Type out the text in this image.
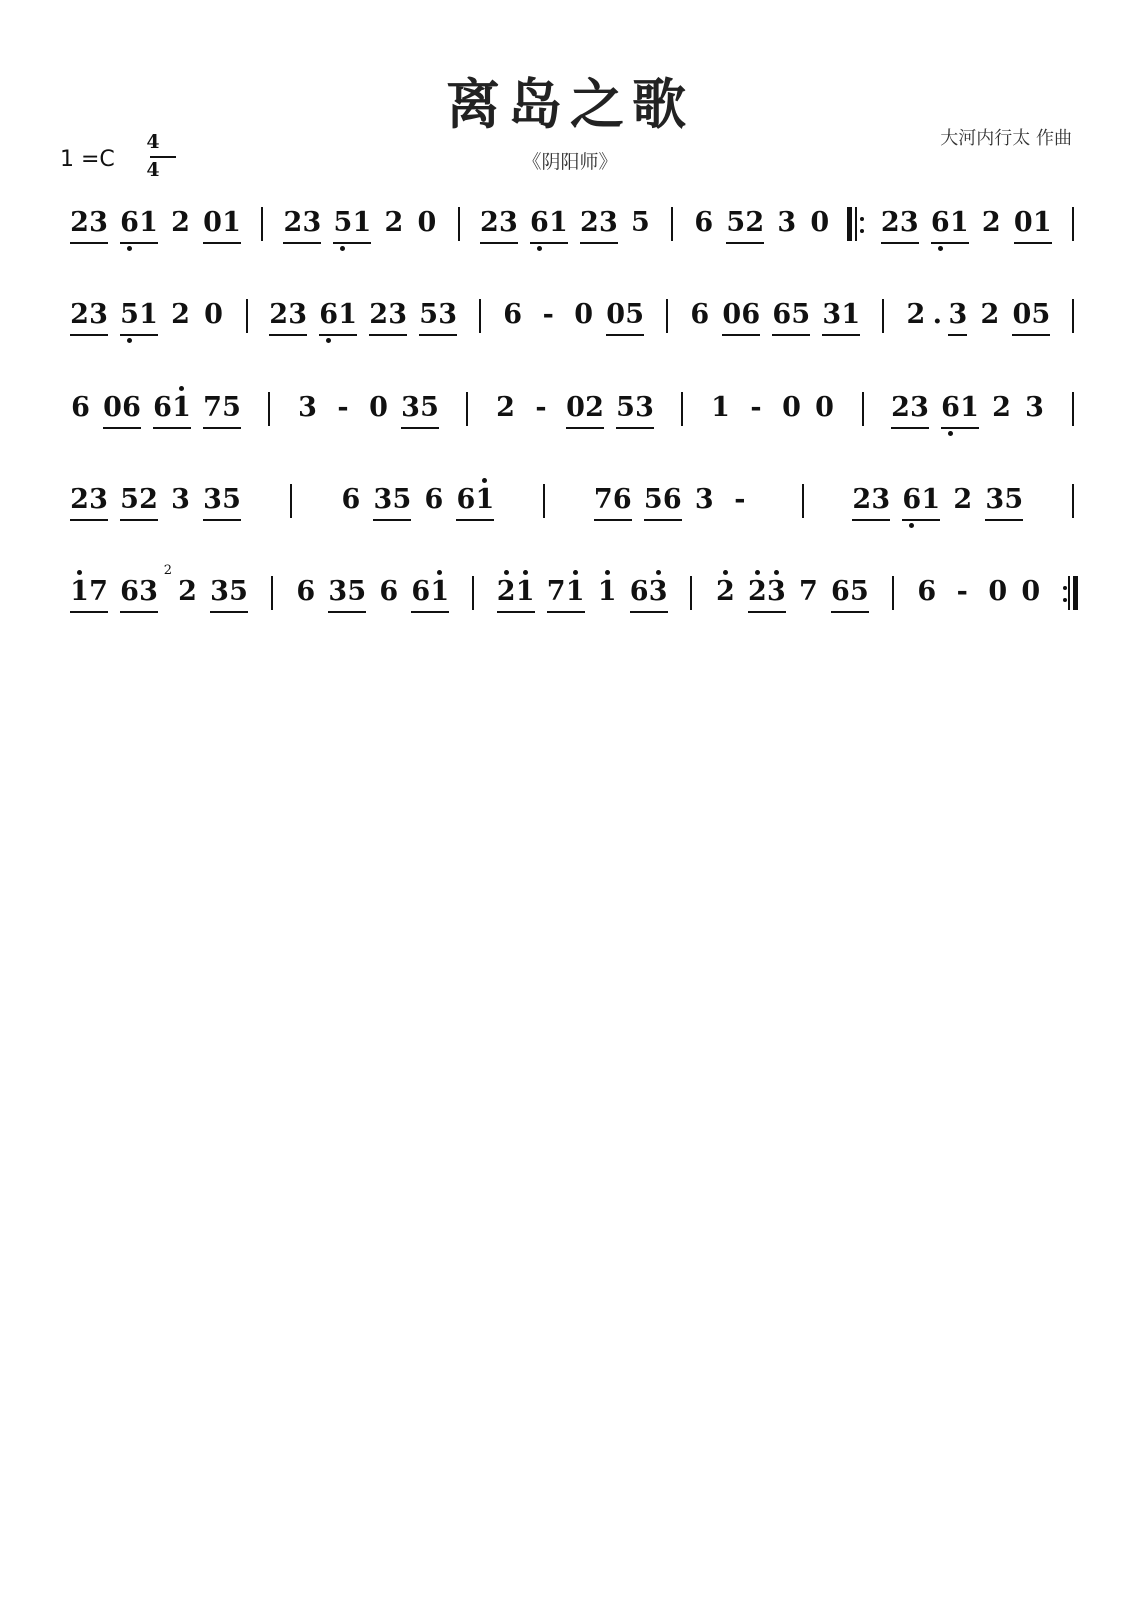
离岛之歌
《阴阳师》
大河内行太 作曲
1 =C
4
4
2 3 6 1 2 0 1 2 3 5 1 2 0 2 3 6 1 2 3 5 6 5 2 3 0 2 3 6 1 2 0 1
2 3 5 1 2 0 2 3 6 1 2 3 5 3 6 - 0 0 5 6 0 6 6 5 3 1 2 . 3 2 0 5
6 0 6 6 1 7 5 3 - 0 3 5 2 - 0 2 5 3 1 - 0 0 2 3 6 1 2 3
2 3 5 2 3 3 5	6 3 5 6 6 1	7 6 5 6 3 -	2 3 6 1 2 3 5
1 7 6 3
2
2 3 5 6 3 5 6 6 1 2 1 7 1 1 6 3 2 2 3 7 6 5 6 - 0 0
